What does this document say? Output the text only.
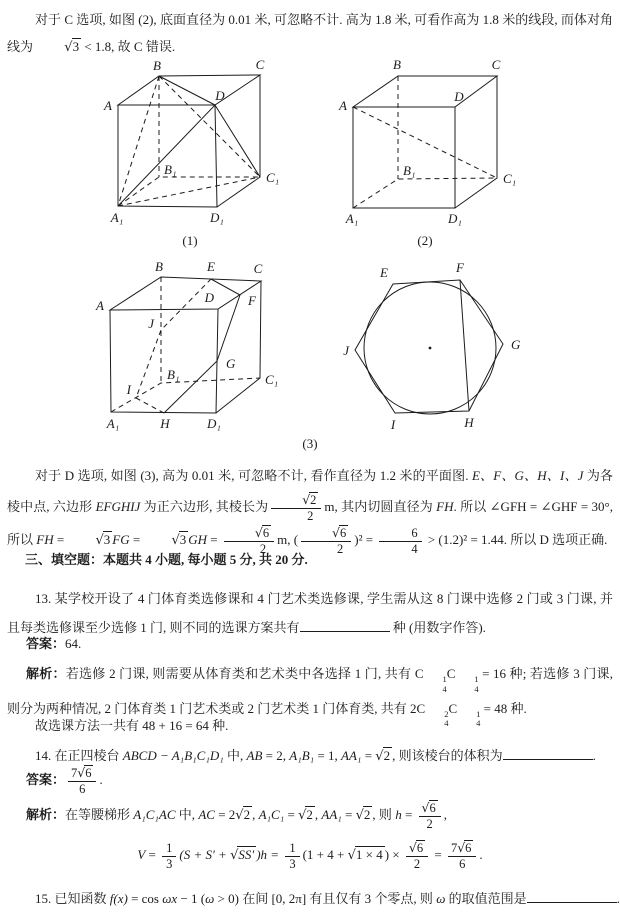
对于 C 选项, 如图 (2), 底面直径为 0.01 米, 可忽略不计. 高为 1.8 米, 可看作高为 1.8 米的线段, 而体对角线为 √	3 < 1.8, 故 C 错误.

A
B	C
D
A₁
B₁
C₁
D₁
(1)
A
B	C
D
A₁
B₁
C₁
D₁
(2)
A
B	C
D
A₁
B₁	C₁
D₁
E
F
G
H
I
J
(3)
E	F
G
H
I
J

对于 D 选项, 如图 (3), 高为 0.01 米, 可忽略不计, 看作直径为 1.2 米的平面图. E、F、G、H、I、J 为各棱中点, 六边形 EFGHIJ 为正六边形, 其棱长为 √ $\frac{2}{2} m$, 其内切圆直径为 FH. 所以 ∠GFH = ∠GHF = 30°, 所以 FH = √	3 FG = √	3 GH = √ $\frac{6}{2} m$, ( √ $\frac{6}{2} )^2 = \frac{6}{4} > (1.2)^2 = 1.44$. 所以 D 选项正确.

三、填空题：本题共 4 小题, 每小题 5 分, 共 20 分.

13. 某学校开设了 4 门体育类选修课和 4 门艺术类选修课, 学生需从这 8 门课中选修 2 门或 3 门课, 并且每类选修课至少选修 1 门, 则不同的选课方案共有	种 (用数字作答).

答案：64.

解析：若选修 2 门课, 则需要从体育类和艺术类中各选择 1 门, 共有 C	1
4
C	1
4
= 16 种; 若选修 3 门课, 则分为两种情况, 2 门体育类 1 门艺术类或 2 门艺术类 1 门体育类, 共有 2C	2
4
C	1
4
= 48 种.

故选课方法一共有 48 + 16 = 64 种.

14. 在正四棱台 ABCD − A₁B₁C₁D₁ 中, AB = 2, A₁B₁ = 1, AA₁ = √ 2 , 则该棱台的体积为	.

答案： $\frac{7 √ 6}{6}$ .

解析：在等腰梯形 A₁C₁AC 中, AC = 2 √ 2 , A₁C₁ = √ 2 , AA₁ = √ 2 , 则 h = √ $\frac{6}{2}$ ,

$V = \frac{1}{3} (S + S'$ + √ SS′ )$h = \frac{1}{3} (1 + 4$ + √ 1 × 4 ) × √ $\frac{6}{2} = \frac{7 √ 6}{6}$ .

15. 已知函数 f(x) = cos ωx − 1 (ω > 0) 在间 [0, 2π] 有且仅有 3 个零点, 则 ω 的取值范围是	.
